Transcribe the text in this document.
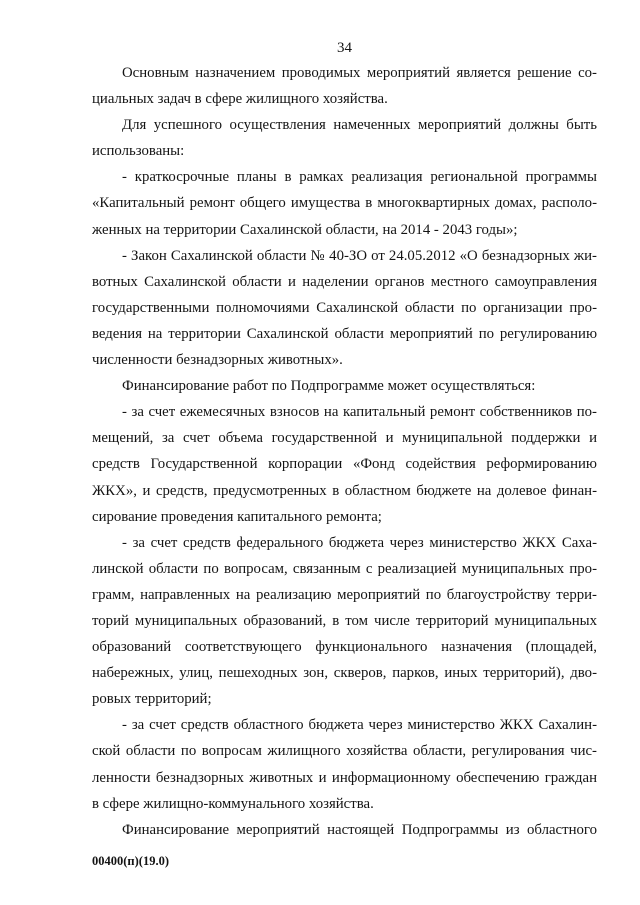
34
Основным назначением проводимых мероприятий является решение со-
циальных задач в сфере жилищного хозяйства.
Для успешного осуществления намеченных мероприятий должны быть
использованы:
- краткосрочные планы в рамках реализация региональной программы
«Капитальный ремонт общего имущества в многоквартирных домах, располо-
женных на территории Сахалинской области, на 2014 - 2043 годы»;
- Закон Сахалинской области № 40-ЗО от 24.05.2012 «О безнадзорных жи-
вотных Сахалинской области и наделении органов местного самоуправления
государственными полномочиями Сахалинской области по организации про-
ведения на территории Сахалинской области мероприятий по регулированию
численности безнадзорных животных».
Финансирование работ по Подпрограмме может осуществляться:
- за счет ежемесячных взносов на капитальный ремонт собственников по-
мещений, за счет объема государственной и муниципальной поддержки и
средств Государственной корпорации «Фонд содействия реформированию
ЖКХ», и средств, предусмотренных в областном бюджете на долевое финан-
сирование проведения капитального ремонта;
- за счет средств федерального бюджета через министерство ЖКХ Саха-
линской области по вопросам, связанным с реализацией муниципальных про-
грамм, направленных на реализацию мероприятий по благоустройству терри-
торий муниципальных образований, в том числе территорий муниципальных
образований соответствующего функционального назначения (площадей,
набережных, улиц, пешеходных зон, скверов, парков, иных территорий), дво-
ровых территорий;
- за счет средств областного бюджета через министерство ЖКХ Сахалин-
ской области по вопросам жилищного хозяйства области, регулирования чис-
ленности безнадзорных животных и информационному обеспечению граждан
в сфере жилищно-коммунального хозяйства.
Финансирование мероприятий настоящей Подпрограммы из областного
00400(п)(19.0)
